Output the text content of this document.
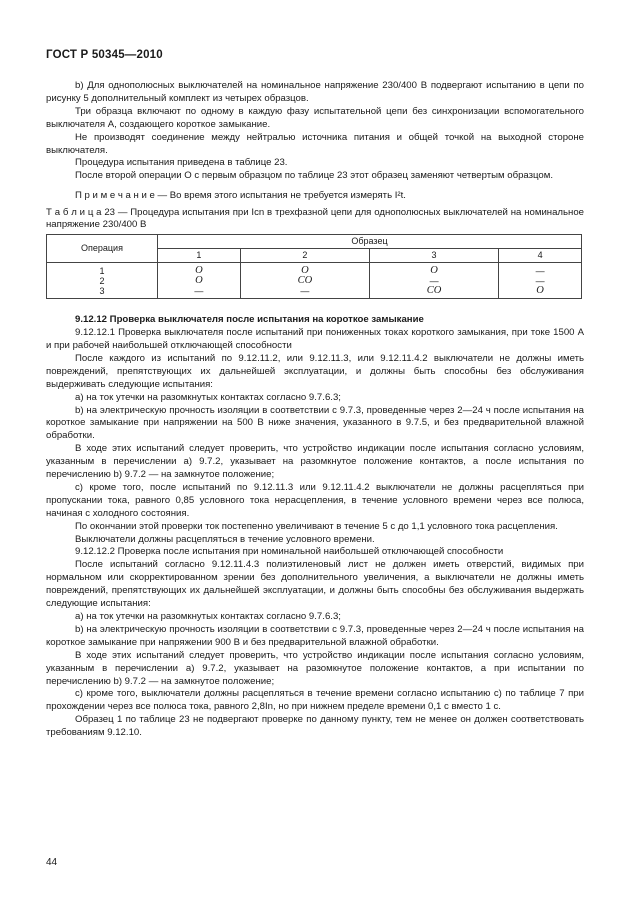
ГОСТ Р 50345—2010

b) Для однополюсных выключателей на номинальное напряжение 230/400 В подвергают испытанию в цепи по рисунку 5 дополнительный комплект из четырех образцов.

Три образца включают по одному в каждую фазу испытательной цепи без синхронизации вспомогательного выключателя А, создающего короткое замыкание.

Не производят соединение между нейтралью источника питания и общей точкой на выходной стороне выключателя.

Процедура испытания приведена в таблице 23.

После второй операции O с первым образцом по таблице 23 этот образец заменяют четвертым образцом.

П р и м е ч а н и е — Во время этого испытания не требуется измерять I²t.

Т а б л и ц а 23 — Процедура испытания при Icn в трехфазной цепи для однополюсных выключателей на номинальное напряжение 230/400 В

Операция	Образец			
	1	2	3	4
1	O	O	O	—
2	O	CO	—	—
3	—	—	CO	O

9.12.12 Проверка выключателя после испытания на короткое замыкание

9.12.12.1 Проверка выключателя после испытаний при пониженных токах короткого замыкания, при токе 1500 А и при рабочей наибольшей отключающей способности

После каждого из испытаний по 9.12.11.2, или 9.12.11.3, или 9.12.11.4.2 выключатели не должны иметь повреждений, препятствующих их дальнейшей эксплуатации, и должны быть способны без обслуживания выдерживать следующие испытания:

a) на ток утечки на разомкнутых контактах согласно 9.7.6.3;

b) на электрическую прочность изоляции в соответствии с 9.7.3, проведенные через 2—24 ч после испытания на короткое замыкание при напряжении на 500 В ниже значения, указанного в 9.7.5, и без предварительной влажной обработки.

В ходе этих испытаний следует проверить, что устройство индикации после испытания согласно условиям, указанным в перечислении a) 9.7.2, указывает на разомкнутое положение контактов, а после испытания по перечислению b) 9.7.2 — на замкнутое положение;

c) кроме того, после испытаний по 9.12.11.3 или 9.12.11.4.2 выключатели не должны расцепляться при пропускании тока, равного 0,85 условного тока нерасцепления, в течение условного времени через все полюса, начиная с холодного состояния.

По окончании этой проверки ток постепенно увеличивают в течение 5 с до 1,1 условного тока расцепления.

Выключатели должны расцепляться в течение условного времени.

9.12.12.2 Проверка после испытания при номинальной наибольшей отключающей способности

После испытаний согласно 9.12.11.4.3 полиэтиленовый лист не должен иметь отверстий, видимых при нормальном или скорректированном зрении без дополнительного увеличения, а выключатели не должны иметь повреждений, препятствующих их дальнейшей эксплуатации, и должны быть способны без обслуживания выдержать следующие испытания:

a) на ток утечки на разомкнутых контактах согласно 9.7.6.3;

b) на электрическую прочность изоляции в соответствии с 9.7.3, проведенные через 2—24 ч после испытания на короткое замыкание при напряжении 900 В и без предварительной влажной обработки.

В ходе этих испытаний следует проверить, что устройство индикации после испытания согласно условиям, указанным в перечислении a) 9.7.2, указывает на разомкнутое положение контактов, а при испытании по перечислению b) 9.7.2 — на замкнутое положение;

c) кроме того, выключатели должны расцепляться в течение времени согласно испытанию c) по таблице 7 при прохождении через все полюса тока, равного 2,8In, но при нижнем пределе времени 0,1 с вместо 1 с.

Образец 1 по таблице 23 не подвергают проверке по данному пункту, тем не менее он должен соответствовать требованиям 9.12.10.

44
